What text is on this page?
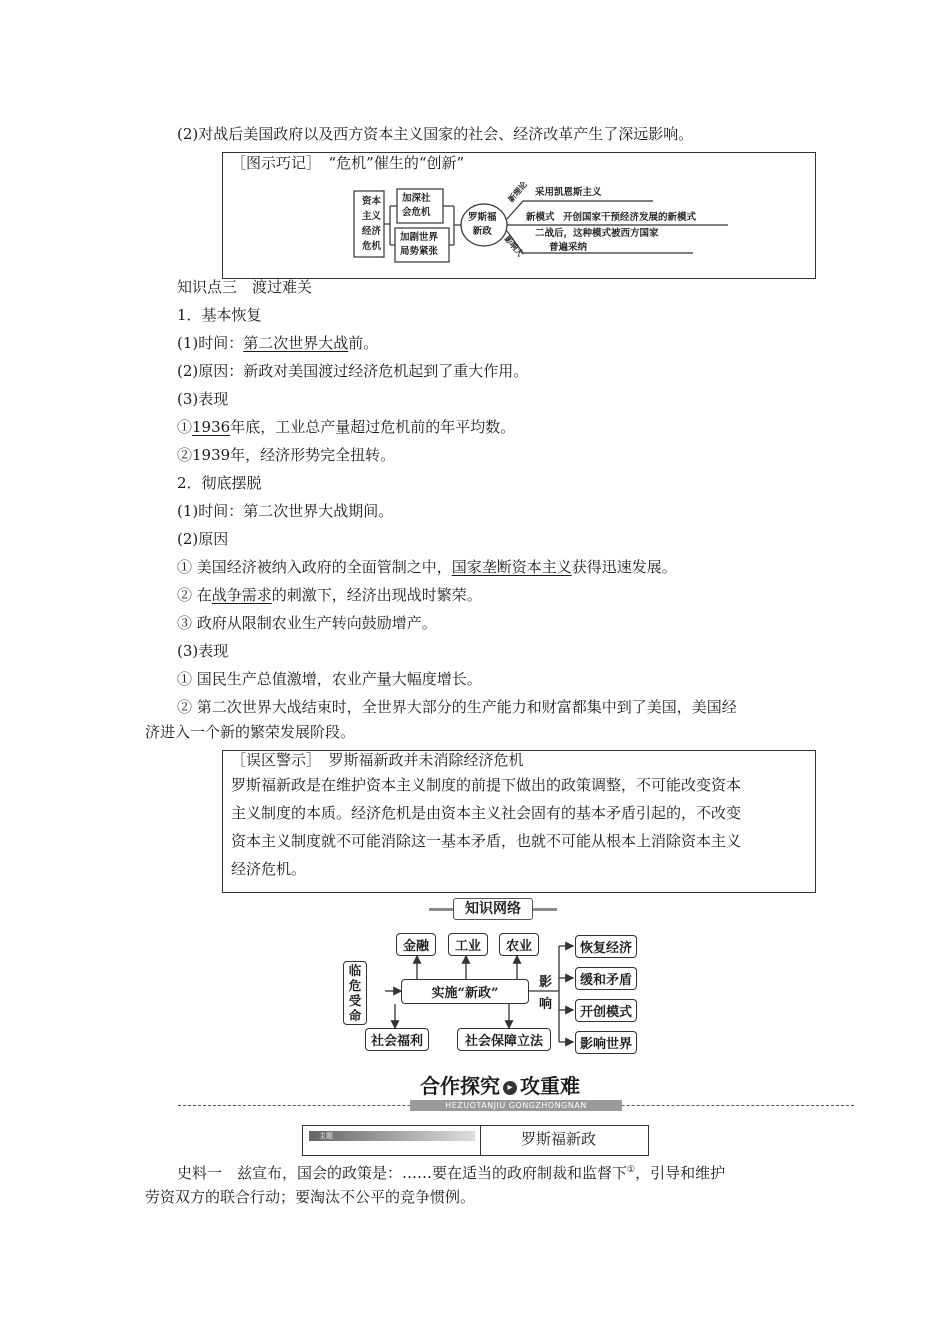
(2)对战后美国政府以及西方资本主义国家的社会、经济改革产生了深远影响。
［图示巧记］　“危机”催生的“创新”
资本
主义
经济
危机
加深社
会危机
加剧世界
局势紧张
罗斯福
新政
新理论 采用凯恩斯主义
新模式 开创国家干预经济发展的新模式
影响大
二战后，这种模式被西方国家
普遍采纳
知识点三　渡过难关
1．基本恢复
(1)时间：第二次世界大战前。
(2)原因：新政对美国渡过经济危机起到了重大作用。
(3)表现
①1936年底，工业总产量超过危机前的年平均数。
②1939年，经济形势完全扭转。
2．彻底摆脱
(1)时间：第二次世界大战期间。
(2)原因
① 美国经济被纳入政府的全面管制之中，国家垄断资本主义获得迅速发展。
② 在战争需求的刺激下，经济出现战时繁荣。
③ 政府从限制农业生产转向鼓励增产。
(3)表现
① 国民生产总值激增，农业产量大幅度增长。
② 第二次世界大战结束时，全世界大部分的生产能力和财富都集中到了美国，美国经
济进入一个新的繁荣发展阶段。
［误区警示］　罗斯福新政并未消除经济危机
罗斯福新政是在维护资本主义制度的前提下做出的政策调整，不可能改变资本
主义制度的本质。经济危机是由资本主义社会固有的基本矛盾引起的，不改变
资本主义制度就不可能消除这一基本矛盾，也就不可能从根本上消除资本主义
经济危机。
知识网络
临
危
受
命
实施“新政”
金融	工业	农业
社会福利	社会保障立法
影
响
恢复经济
缓和矛盾
开创模式
影响世界
合作探究 ▸ 攻重难
HEZUOTANJIU GONGZHONGNAN
主题	罗斯福新政
史料一　兹宣布，国会的政策是：……要在适当的政府制裁和监督下①，引导和维护
劳资双方的联合行动；要淘汰不公平的竞争惯例。
